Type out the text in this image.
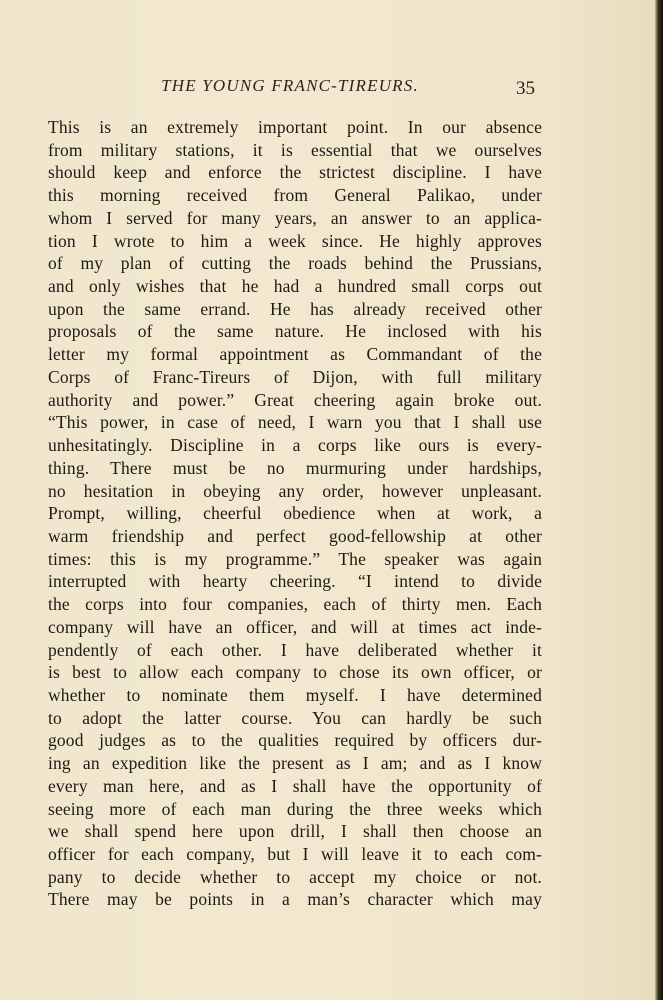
THE YOUNG FRANC-TIREURS.	35
This is an extremely important point. In our absence
from military stations, it is essential that we ourselves
should keep and enforce the strictest discipline. I have
this morning received from General Palikao, under
whom I served for many years, an answer to an applica-
tion I wrote to him a week since. He highly approves
of my plan of cutting the roads behind the Prussians,
and only wishes that he had a hundred small corps out
upon the same errand. He has already received other
proposals of the same nature. He inclosed with his
letter my formal appointment as Commandant of the
Corps of Franc-Tireurs of Dijon, with full military
authority and power.” Great cheering again broke out.
“This power, in case of need, I warn you that I shall use
unhesitatingly. Discipline in a corps like ours is every-
thing. There must be no murmuring under hardships,
no hesitation in obeying any order, however unpleasant.
Prompt, willing, cheerful obedience when at work, a
warm friendship and perfect good-fellowship at other
times: this is my programme.” The speaker was again
interrupted with hearty cheering. “I intend to divide
the corps into four companies, each of thirty men. Each
company will have an officer, and will at times act inde-
pendently of each other. I have deliberated whether it
is best to allow each company to chose its own officer, or
whether to nominate them myself. I have determined
to adopt the latter course. You can hardly be such
good judges as to the qualities required by officers dur-
ing an expedition like the present as I am; and as I know
every man here, and as I shall have the opportunity of
seeing more of each man during the three weeks which
we shall spend here upon drill, I shall then choose an
officer for each company, but I will leave it to each com-
pany to decide whether to accept my choice or not.
There may be points in a man’s character which may
